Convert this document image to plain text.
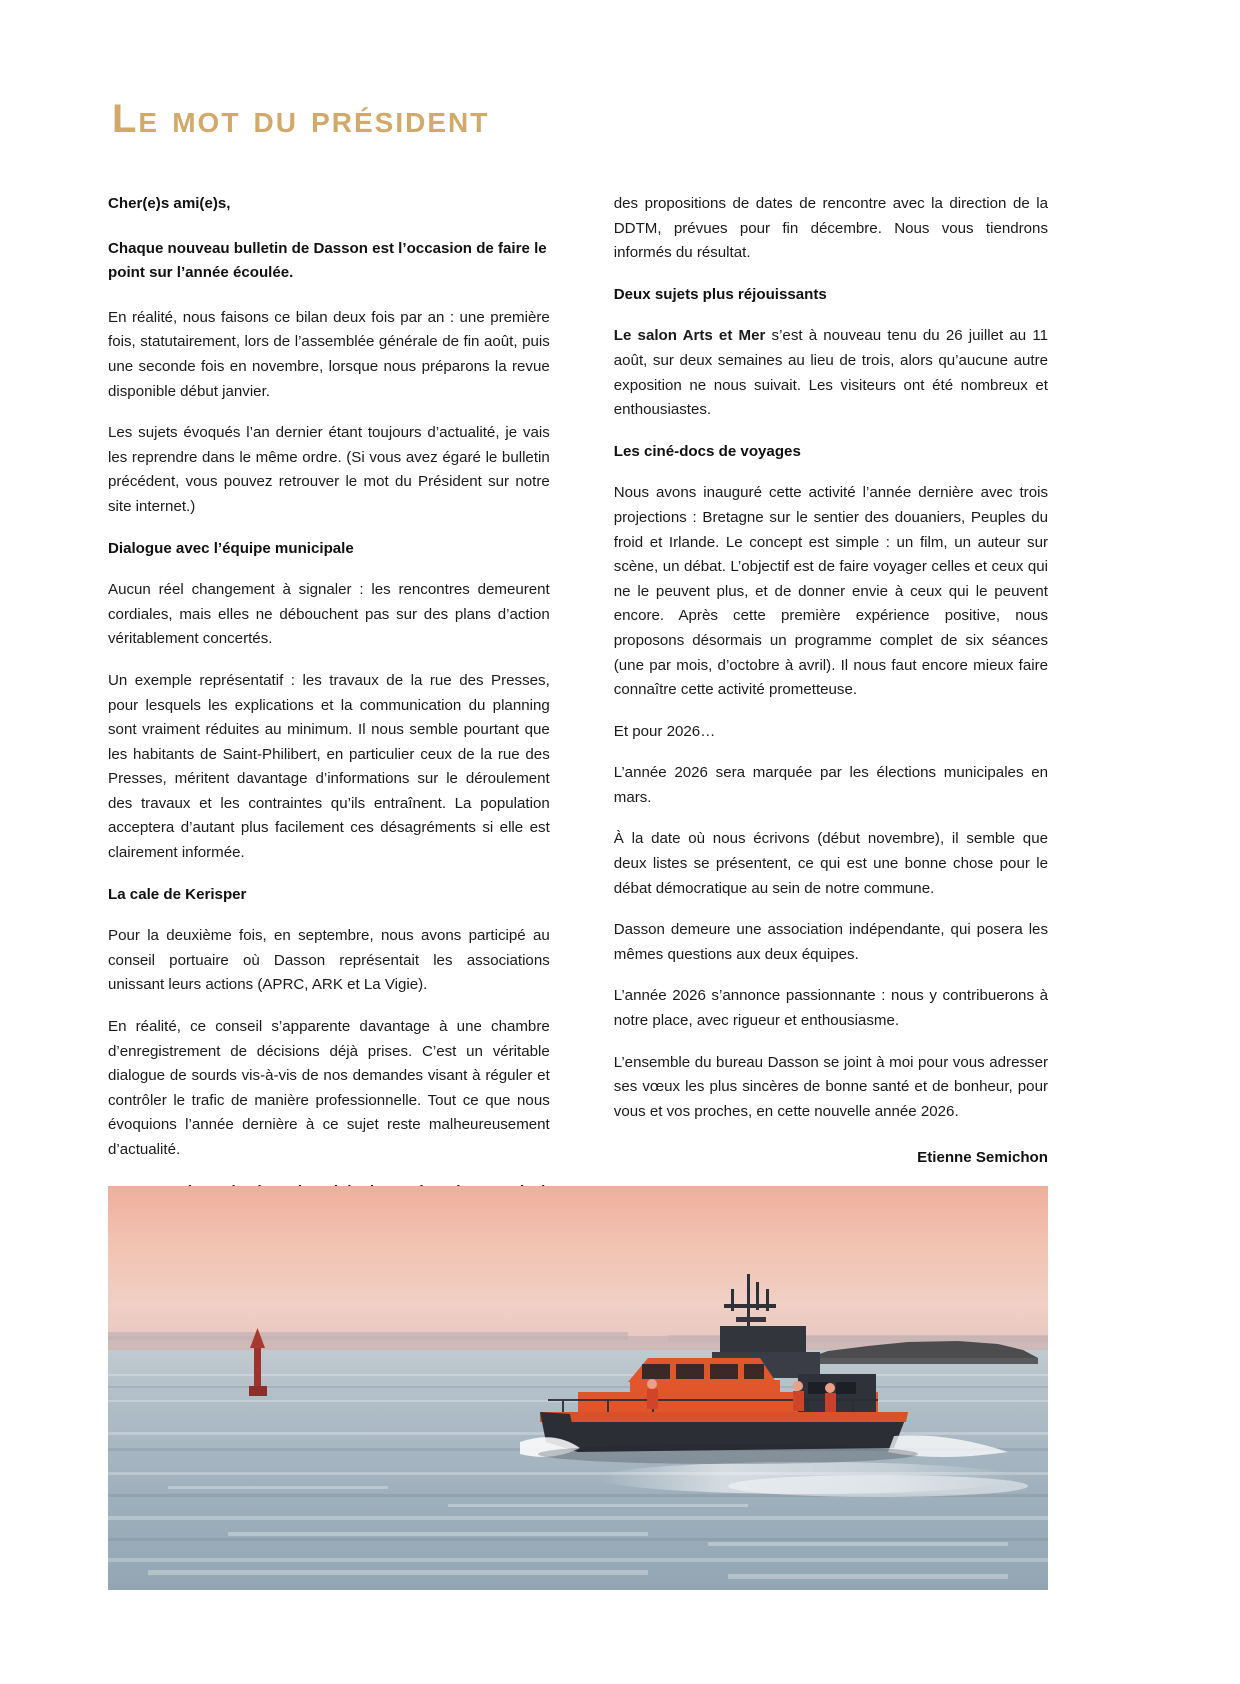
Le mot du président

Cher(e)s ami(e)s,

Chaque nouveau bulletin de Dasson est l’occasion de faire le point sur l’année écoulée.

En réalité, nous faisons ce bilan deux fois par an : une première fois, statutairement, lors de l’assemblée générale de fin août, puis une seconde fois en novembre, lorsque nous préparons la revue disponible début janvier.

Les sujets évoqués l’an dernier étant toujours d’actualité, je vais les reprendre dans le même ordre. (Si vous avez égaré le bulletin précédent, vous pouvez retrouver le mot du Président sur notre site internet.)

Dialogue avec l’équipe municipale

Aucun réel changement à signaler : les rencontres demeurent cordiales, mais elles ne débouchent pas sur des plans d’action véritablement concertés.

Un exemple représentatif : les travaux de la rue des Presses, pour lesquels les explications et la communication du planning sont vraiment réduites au minimum. Il nous semble pourtant que les habitants de Saint-Philibert, en particulier ceux de la rue des Presses, méritent davantage d’informations sur le déroulement des travaux et les contraintes qu’ils entraînent. La population acceptera d’autant plus facilement ces désagréments si elle est clairement informée.

La cale de Kerisper

Pour la deuxième fois, en septembre, nous avons participé au conseil portuaire où Dasson représentait les associations unissant leurs actions (APRC, ARK et La Vigie).

En réalité, ce conseil s’apparente davantage à une chambre d’enregistrement de décisions déjà prises. C’est un véritable dialogue de sourds vis-à-vis de nos demandes visant à réguler et contrôler le trafic de manière professionnelle. Tout ce que nous évoquions l’année dernière à ce sujet reste malheureusement d’actualité.

des propositions de dates de rencontre avec la direction de la DDTM, prévues pour fin décembre. Nous vous tiendrons informés du résultat.

Deux sujets plus réjouissants

Le salon Arts et Mer s’est à nouveau tenu du 26 juillet au 11 août, sur deux semaines au lieu de trois, alors qu’aucune autre exposition ne nous suivait. Les visiteurs ont été nombreux et enthousiastes.

Les ciné-docs de voyages

Nous avons inauguré cette activité l’année dernière avec trois projections : Bretagne sur le sentier des douaniers, Peuples du froid et Irlande. Le concept est simple : un film, un auteur sur scène, un débat. L’objectif est de faire voyager celles et ceux qui ne le peuvent plus, et de donner envie à ceux qui le peuvent encore. Après cette première expérience positive, nous proposons désormais un programme complet de six séances (une par mois, d’octobre à avril). Il nous faut encore mieux faire connaître cette activité prometteuse.

Et pour 2026…

L’année 2026 sera marquée par les élections municipales en mars.

À la date où nous écrivons (début novembre), il semble que deux listes se présentent, ce qui est une bonne chose pour le débat démocratique au sein de notre commune.

Dasson demeure une association indépendante, qui posera les mêmes questions aux deux équipes.

L’année 2026 s’annonce passionnante : nous y contribuerons à notre place, avec rigueur et enthousiasme.

L’ensemble du bureau Dasson se joint à moi pour vous adresser ses vœux les plus sincères de bonne santé et de bonheur, pour vous et vos proches, en cette nouvelle année 2026.

Etienne Semichon
